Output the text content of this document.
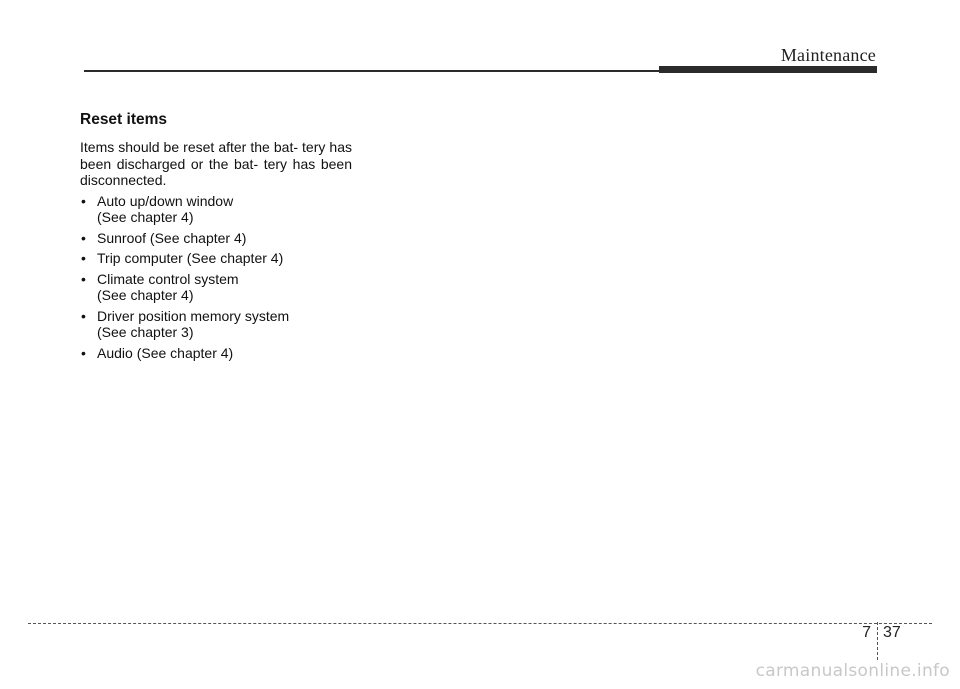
Maintenance
Reset items

Items should be reset after the bat- tery has been discharged or the bat- tery has been disconnected.

• Auto up/down window
(See chapter 4)
• Sunroof (See chapter 4)
• Trip computer (See chapter 4)
• Climate control system
(See chapter 4)
• Driver position memory system
(See chapter 3)
• Audio (See chapter 4)
7 37
carmanualsonline.info
